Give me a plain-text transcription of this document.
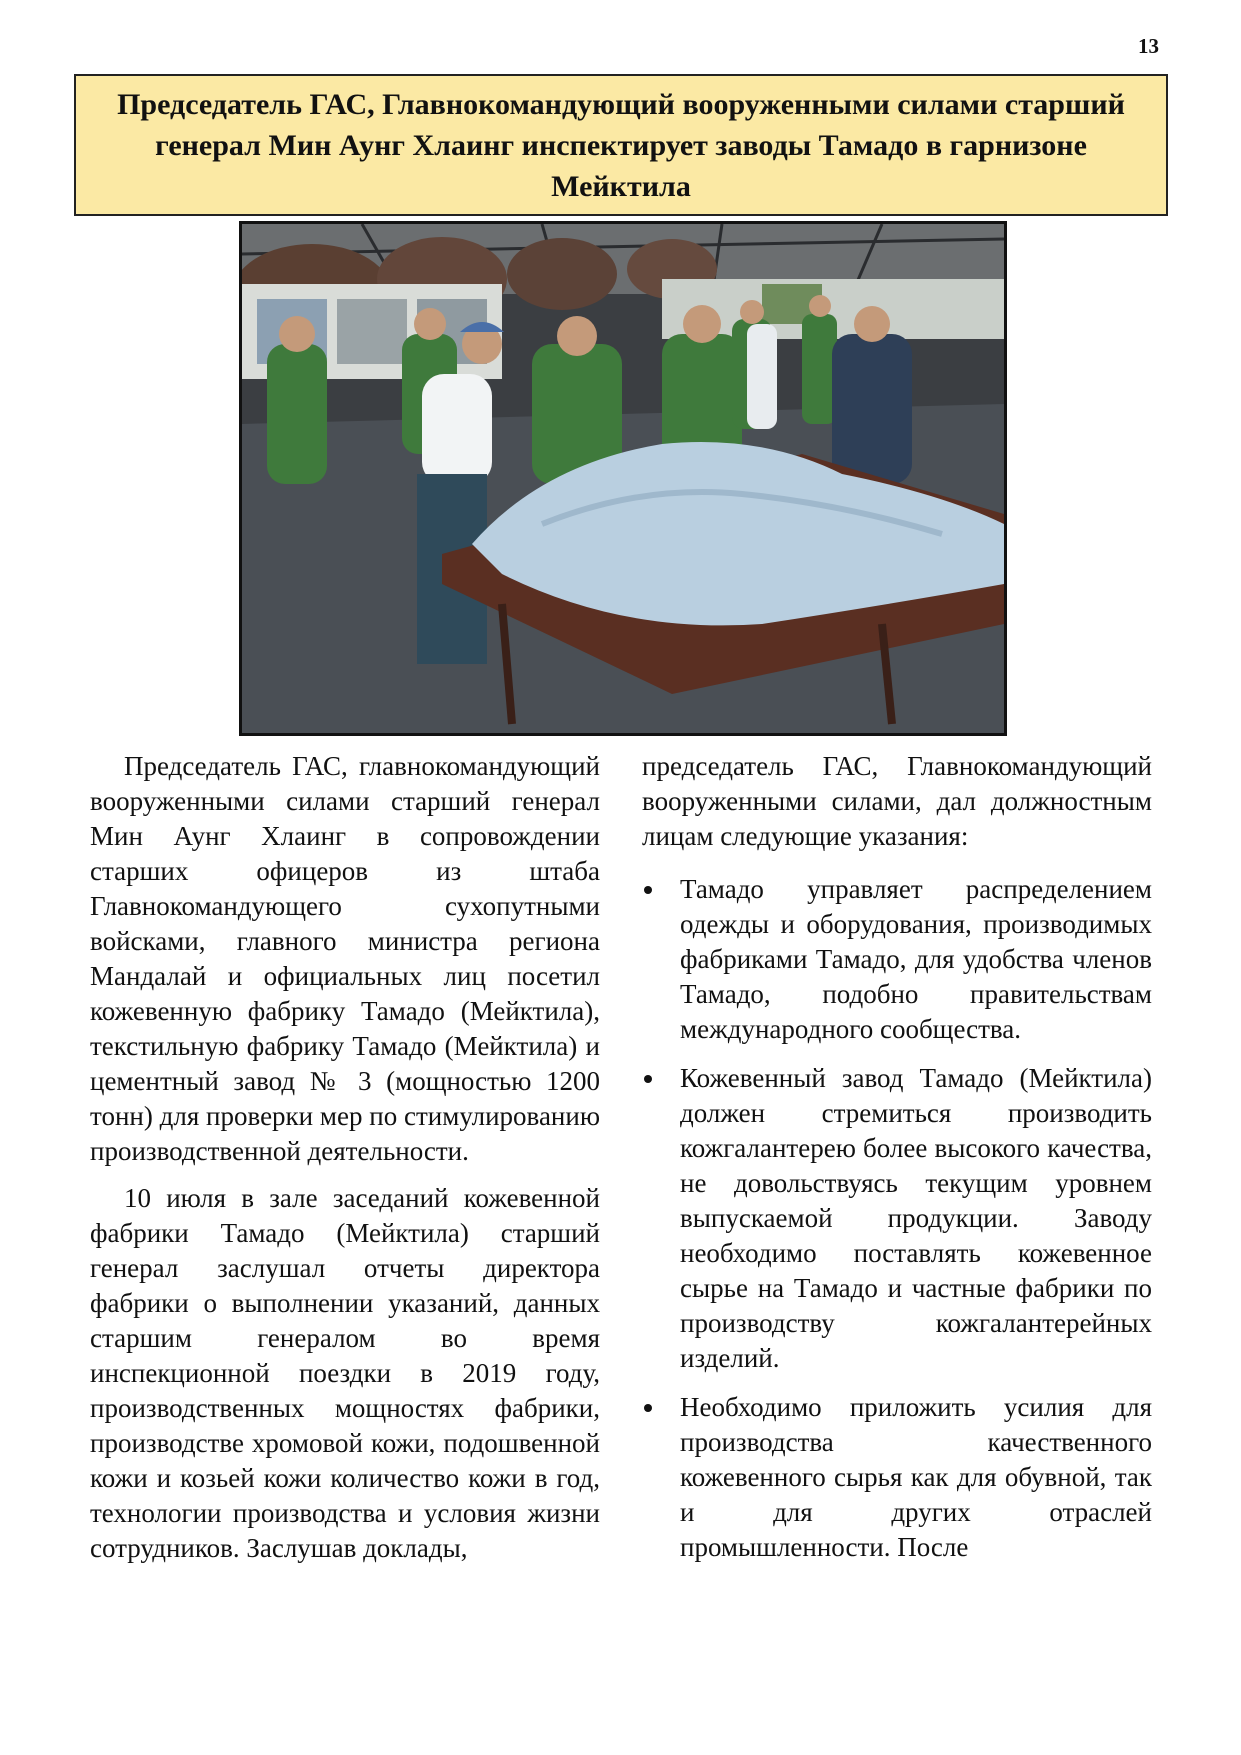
13
Председатель ГАС, Главнокомандующий вооруженными силами старший генерал Мин Аунг Хлаинг инспектирует заводы Тамадо в гарнизоне Мейктила

Председатель ГАС, главнокомандующий вооруженными силами старший генерал Мин Аунг Хлаинг в сопровождении старших офицеров из штаба Главнокомандующего сухопутными войсками, главного министра региона Мандалай и официальных лиц посетил кожевенную фабрику Тамадо (Мейктила), текстильную фабрику Тамадо (Мейктила) и цементный завод № 3 (мощностью 1200 тонн) для проверки мер по стимулированию производственной деятельности.

10 июля в зале заседаний кожевенной фабрики Тамадо (Мейктила) старший генерал заслушал отчеты директора фабрики о выполнении указаний, данных старшим генералом во время инспекционной поездки в 2019 году, производственных мощностях фабрики, производстве хромовой кожи, подошвенной кожи и козьей кожи количество кожи в год, технологии производства и условия жизни сотрудников. Заслушав доклады,

председатель ГАС, Главнокомандующий вооруженными силами, дал должностным лицам следующие указания:

Тамадо управляет распределением одежды и оборудования, производимых фабриками Тамадо, для удобства членов Тамадо, подобно правительствам международного сообщества.
Кожевенный завод Тамадо (Мейктила) должен стремиться производить кожгалантерею более высокого качества, не довольствуясь текущим уровнем выпускаемой продукции. Заводу необходимо поставлять кожевенное сырье на Тамадо и частные фабрики по производству кожгалантерейных изделий.
Необходимо приложить усилия для производства качественного кожевенного сырья как для обувной, так и для других отраслей промышленности. После
